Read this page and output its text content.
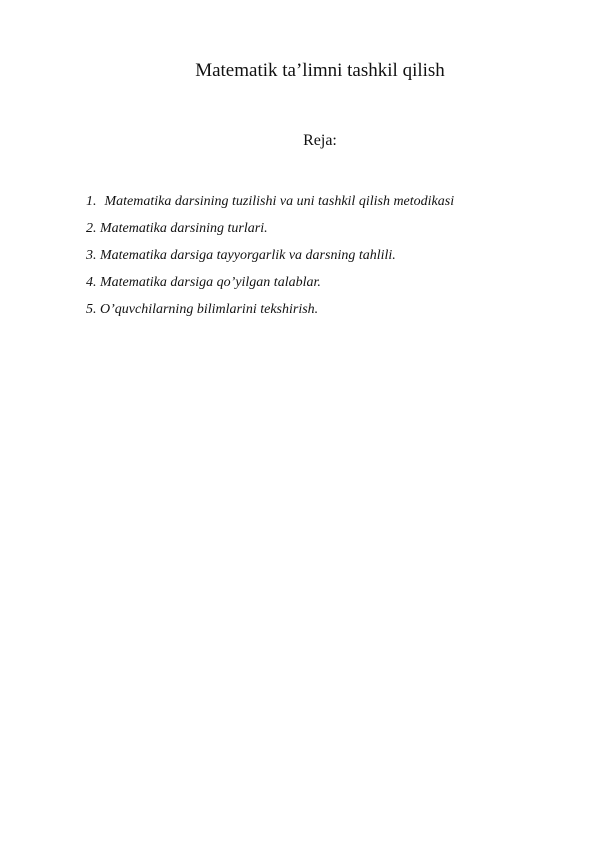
Matematik ta’limni tashkil qilish
Reja:
1. Matematika darsining tuzilishi va uni tashkil qilish metodikasi
2. Matematika darsining turlari.
3. Matematika darsiga tayyorgarlik va darsning tahlili.
4. Matematika darsiga qo’yilgan talablar.
5. O’quvchilarning bilimlarini tekshirish.
